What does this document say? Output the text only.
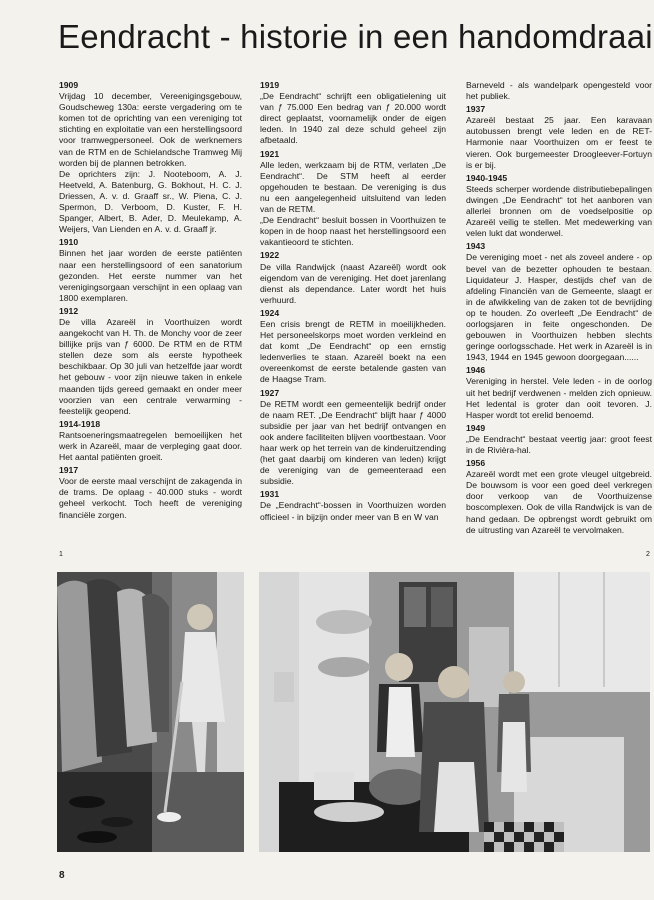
Eendracht - historie in een handomdraai

1909

Vrijdag 10 december, Vereenigingsgebouw, Goudscheweg 130a: eerste vergadering om te komen tot de oprichting van een vereniging tot stichting en exploitatie van een herstellingsoord voor tramwegpersoneel. Ook de werknemers van de RTM en de Schielandsche Tramweg Mij worden bij de plannen betrokken.

De oprichters zijn: J. Nooteboom, A. J. Heetveld, A. Batenburg, G. Bokhout, H. C. J. Driessen, A. v. d. Graaff sr., W. Piena, C. J. Spermon, D. Verboom, D. Kuster, F. H. Spanger, Albert, B. Ader, D. Meulekamp, A. Weijers, Van Lienden en A. v. d. Graaff jr.

1910

Binnen het jaar worden de eerste patiënten naar een herstellingsoord of een sanatorium gezonden. Het eerste nummer van het verenigingsorgaan verschijnt in een oplaag van 1800 exemplaren.

1912

De villa Azareël in Voorthuizen wordt aangekocht van H. Th. de Monchy voor de zeer billijke prijs van ƒ 6000. De RTM en de RTM stellen deze som als eerste hypotheek beschikbaar. Op 30 juli van hetzelfde jaar wordt het gebouw - voor zijn nieuwe taken in enkele maanden tijds gereed gemaakt en onder meer voorzien van een centrale verwarming - feestelijk geopend.

1914-1918

Rantsoeneringsmaatregelen bemoeilijken het werk in Azareël, maar de verpleging gaat door. Het aantal patiënten groeit.

1917

Voor de eerste maal verschijnt de zakagenda in de trams. De oplaag - 40.000 stuks - wordt geheel verkocht. Toch heeft de vereniging financiële zorgen.

1919

„De Eendracht“ schrijft een obligatielening uit van ƒ 75.000 Een bedrag van ƒ 20.000 wordt direct geplaatst, voornamelijk onder de eigen leden. In 1940 zal deze schuld geheel zijn afbetaald.

1921

Alle leden, werkzaam bij de RTM, verlaten „De Eendracht“. De STM heeft al eerder opgehouden te bestaan. De vereniging is dus nu een aangelegenheid uitsluitend van leden van de RETM.

„De Eendracht“ besluit bossen in Voorthuizen te kopen in de hoop naast het herstellingsoord een vakantieoord te stichten.

1922

De villa Randwijck (naast Azareël) wordt ook eigendom van de vereniging. Het doet jarenlang dienst als dependance. Later wordt het huis verhuurd.

1924

Een crisis brengt de RETM in moeilijkheden. Het personeelskorps moet worden verkleind en dat komt „De Eendracht“ op een ernstig ledenverlies te staan. Azareël boekt na een overeenkomst de eerste betalende gasten van de Haagse Tram.

1927

De RETM wordt een gemeentelijk bedrijf onder de naam RET. „De Eendracht“ blijft haar ƒ 4000 subsidie per jaar van het bedrijf ontvangen en ook andere faciliteiten blijven voortbestaan. Voor haar werk op het terrein van de kinderuitzending (het gaat daarbij om kinderen van leden) krijgt de vereniging van de gemeenteraad een subsidie.

1931

De „Eendracht“-bossen in Voorthuizen worden officieel - in bijzijn onder meer van B en W van

Barneveld - als wandelpark opengesteld voor het publiek.

1937

Azareël bestaat 25 jaar. Een karavaan autobussen brengt vele leden en de RET-Harmonie naar Voorthuizen om er feest te vieren. Ook burgemeester Droogleever-Fortuyn is er bij.

1940-1945

Steeds scherper wordende distributiebepalingen dwingen „De Eendracht“ tot het aanboren van allerlei bronnen om de voedselpositie op Azareël veilig te stellen. Met medewerking van velen lukt dat wonderwel.

1943

De vereniging moet - net als zoveel andere - op bevel van de bezetter ophouden te bestaan. Liquidateur J. Hasper, destijds chef van de afdeling Financiën van de Gemeente, slaagt er in de afwikkeling van de zaken tot de bevrijding op te houden. Zo overleeft „De Eendracht“ de oorlogsjaren in feite ongeschonden. De gebouwen in Voorthuizen hebben slechts geringe oorlogsschade. Het werk in Azareël is in 1943, 1944 en 1945 gewoon doorgegaan......

1946

Vereniging in herstel. Vele leden - in de oorlog uit het bedrijf verdwenen - melden zich opnieuw. Het ledental is groter dan ooit tevoren. J. Hasper wordt tot erelid benoemd.

1949

„De Eendracht“ bestaat veertig jaar: groot feest in de Rivièra-hal.

1956

Azareël wordt met een grote vleugel uitgebreid. De bouwsom is voor een goed deel verkregen door verkoop van de Voorthuizense boscomplexen. Ook de villa Randwijck is van de hand gedaan. De opbrengst wordt gebruikt om de uitrusting van Azareël te vervolmaken.

1	2
8
